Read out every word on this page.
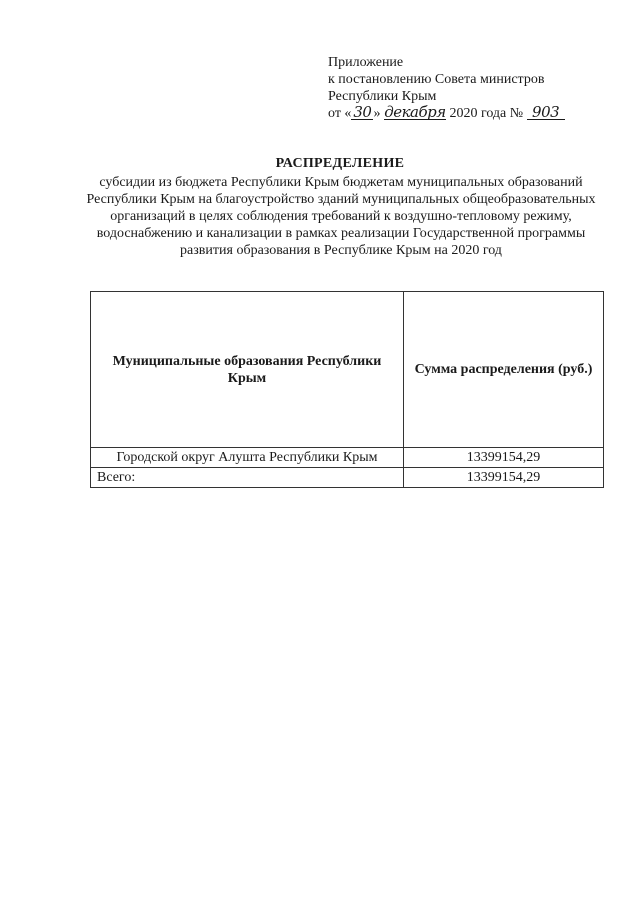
Приложение
к постановлению Совета министров
Республики Крым
от « 30 » декабря 2020 года № 903
РАСПРЕДЕЛЕНИЕ
субсидии из бюджета Республики Крым бюджетам муниципальных образований Республики Крым на благоустройство зданий муниципальных общеобразовательных организаций в целях соблюдения требований к воздушно-тепловому режиму, водоснабжению и канализации в рамках реализации Государственной программы развития образования в Республике Крым на 2020 год
Муниципальные образования Республики Крым	Сумма распределения (руб.)
Городской округ Алушта Республики Крым	13399154,29
Всего:	13399154,29
